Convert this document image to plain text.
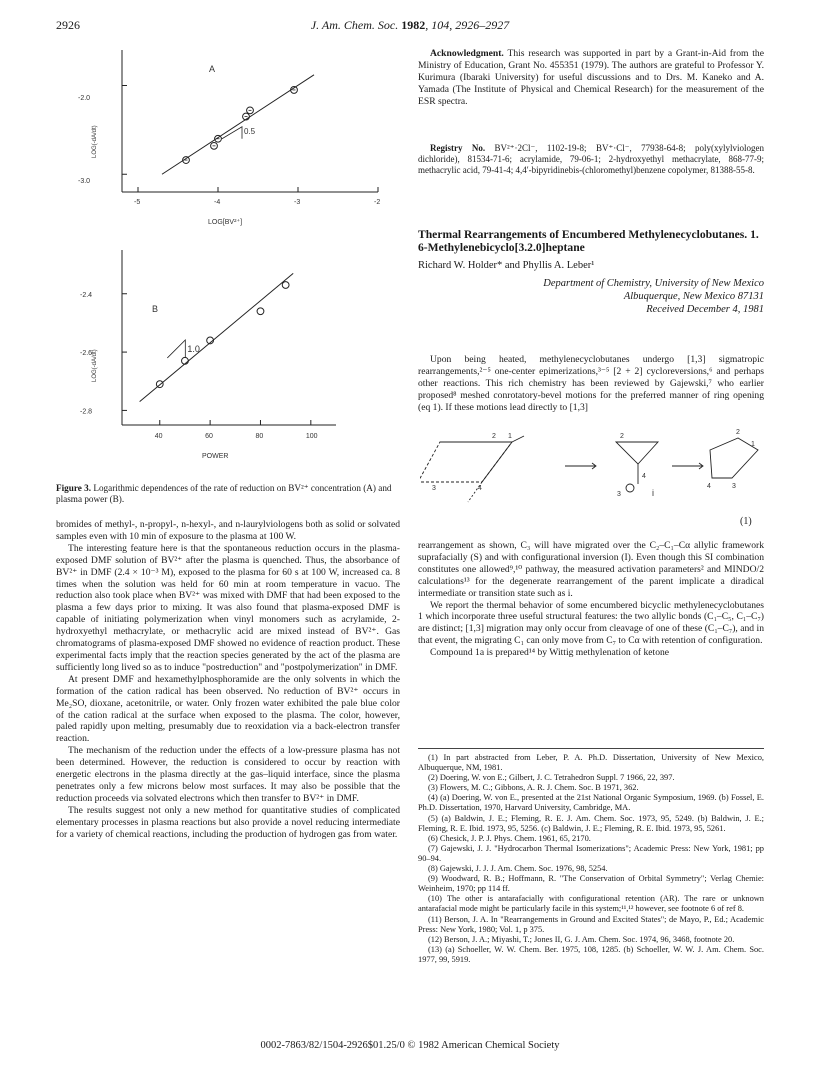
2926	J. Am. Chem. Soc. 1982, 104, 2926–2927
A
-2.0
-3.0
LOG(-dA/dt)
LOG[BV²⁺]
-5	-4	-3	-2
0.5
B
LOG(-dA/dt)
POWER
-2.4
-2.6
-2.8
40	60	80	100
1.0
Figure 3. Logarithmic dependences of the rate of reduction on BV²⁺ concentration (A) and plasma power (B).

bromides of methyl-, n-propyl-, n-hexyl-, and n-laurylviologens both as solid or solvated samples even with 10 min of exposure to the plasma at 100 W.

The interesting feature here is that the spontaneous reduction occurs in the plasma-exposed DMF solution of BV²⁺ after the plasma is quenched. Thus, the absorbance of BV²⁺ in DMF (2.4 × 10⁻³ M), exposed to the plasma for 60 s at 100 W, increased ca. 8 times when the solution was held for 60 min at room temperature in vacuo. The reduction also took place when BV²⁺ was mixed with DMF that had been exposed to the plasma a few days prior to mixing. It was also found that plasma-exposed DMF is capable of initiating polymerization when vinyl monomers such as acrylamide, 2-hydroxyethyl methacrylate, or methacrylic acid are mixed instead of BV²⁺. Gas chromatograms of plasma-exposed DMF showed no evidence of reaction product. These experimental facts imply that the reaction species generated by the act of the plasma are sufficiently long lived so as to induce "postreduction" and "postpolymerization" in DMF.

At present DMF and hexamethylphosphoramide are the only solvents in which the formation of the cation radical has been observed. No reduction of BV²⁺ occurs in Me₂SO, dioxane, acetonitrile, or water. Only frozen water exhibited the pale blue color of the cation radical at the surface when exposed to the plasma. The color, however, paled rapidly upon melting, presumably due to reoxidation via a back-electron transfer reaction.

The mechanism of the reduction under the effects of a low-pressure plasma has not been determined. However, the reduction is considered to occur by reaction with energetic electrons in the plasma directly at the gas–liquid interface, since the plasma penetrates only a few microns below most surfaces. It may also be possible that the reduction proceeds via solvated electrons which then transfer to BV²⁺ in DMF.

The results suggest not only a new method for quantitative studies of complicated elementary processes in plasma reactions but also provide a novel reducing intermediate for a variety of chemical reactions, including the production of hydrogen gas from water.

Acknowledgment. This research was supported in part by a Grant-in-Aid from the Ministry of Education, Grant No. 455351 (1979). The authors are grateful to Professor Y. Kurimura (Ibaraki University) for useful discussions and to Drs. M. Kaneko and A. Yamada (The Institute of Physical and Chemical Research) for the measurement of the ESR spectra.

Registry No. BV²⁺·2Cl⁻, 1102-19-8; BV⁺·Cl⁻, 77938-64-8; poly(xylylviologen dichloride), 81534-71-6; acrylamide, 79-06-1; 2-hydroxyethyl methacrylate, 868-77-9; methacrylic acid, 79-41-4; 4,4′-bipyridinebis-(chloromethyl)benzene copolymer, 81388-55-8.

Thermal Rearrangements of Encumbered Methylenecyclobutanes. 1. 6-Methylenebicyclo[3.2.0]heptane
Richard W. Holder* and Phyllis A. Leber¹
Department of Chemistry, University of New Mexico
Albuquerque, New Mexico 87131
Received December 4, 1981

Upon being heated, methylenecyclobutanes undergo [1,3] sigmatropic rearrangements,²⁻⁵ one-center epimerizations,³⁻⁵ [2 + 2] cycloreversions,⁶ and perhaps other reactions. This rich chemistry has been reviewed by Gajewski,⁷ who earlier proposed⁸ meshed conrotatory-bevel motions for the preferred manner of ring opening (eq 1). If these motions lead directly to [1,3]

2 1
4
3
2
4
3	i
2
1
4	3
(1)

rearrangement as shown, C₃ will have migrated over the C₂–C₁–Cα allylic framework suprafacially (S) and with configurational inversion (I). Even though this SI combination constitutes one allowed⁹,¹⁰ pathway, the measured activation parameters² and MINDO/2 calculations¹³ for the degenerate rearrangement of the parent implicate a diradical intermediate or transition state such as i.

We report the thermal behavior of some encumbered bicyclic methylenecyclobutanes 1 which incorporate three useful structural features: the two allylic bonds (C₁–C₅, C₁–C₇) are distinct; [1,3] migration may only occur from cleavage of one of these (C₁–C₇), and in that event, the migrating C₁ can only move from C₇ to Cα with retention of configuration.

Compound 1a is prepared¹⁴ by Wittig methylenation of ketone

(1) In part abstracted from Leber, P. A. Ph.D. Dissertation, University of New Mexico, Albuquerque, NM, 1981.

(2) Doering, W. von E.; Gilbert, J. C. Tetrahedron Suppl. 7 1966, 22, 397.

(3) Flowers, M. C.; Gibbons, A. R. J. Chem. Soc. B 1971, 362.

(4) (a) Doering, W. von E., presented at the 21st National Organic Symposium, 1969. (b) Fossel, E. Ph.D. Dissertation, 1970, Harvard University, Cambridge, MA.

(5) (a) Baldwin, J. E.; Fleming, R. E. J. Am. Chem. Soc. 1973, 95, 5249. (b) Baldwin, J. E.; Fleming, R. E. Ibid. 1973, 95, 5256. (c) Baldwin, J. E.; Fleming, R. E. Ibid. 1973, 95, 5261.

(6) Chesick, J. P. J. Phys. Chem. 1961, 65, 2170.

(7) Gajewski, J. J. "Hydrocarbon Thermal Isomerizations"; Academic Press: New York, 1981; pp 90–94.

(8) Gajewski, J. J. J. Am. Chem. Soc. 1976, 98, 5254.

(9) Woodward, R. B.; Hoffmann, R. "The Conservation of Orbital Symmetry"; Verlag Chemie: Weinheim, 1970; pp 114 ff.

(10) The other is antarafacially with configurational retention (AR). The rare or unknown antarafacial mode might be particularly facile in this system;¹¹,¹² however, see footnote 6 of ref 8.

(11) Berson, J. A. In "Rearrangements in Ground and Excited States"; de Mayo, P., Ed.; Academic Press: New York, 1980; Vol. 1, p 375.

(12) Berson, J. A.; Miyashi, T.; Jones II, G. J. Am. Chem. Soc. 1974, 96, 3468, footnote 20.

(13) (a) Schoeller, W. W. Chem. Ber. 1975, 108, 1285. (b) Schoeller, W. W. J. Am. Chem. Soc. 1977, 99, 5919.

0002-7863/82/1504-2926$01.25/0 © 1982 American Chemical Society
